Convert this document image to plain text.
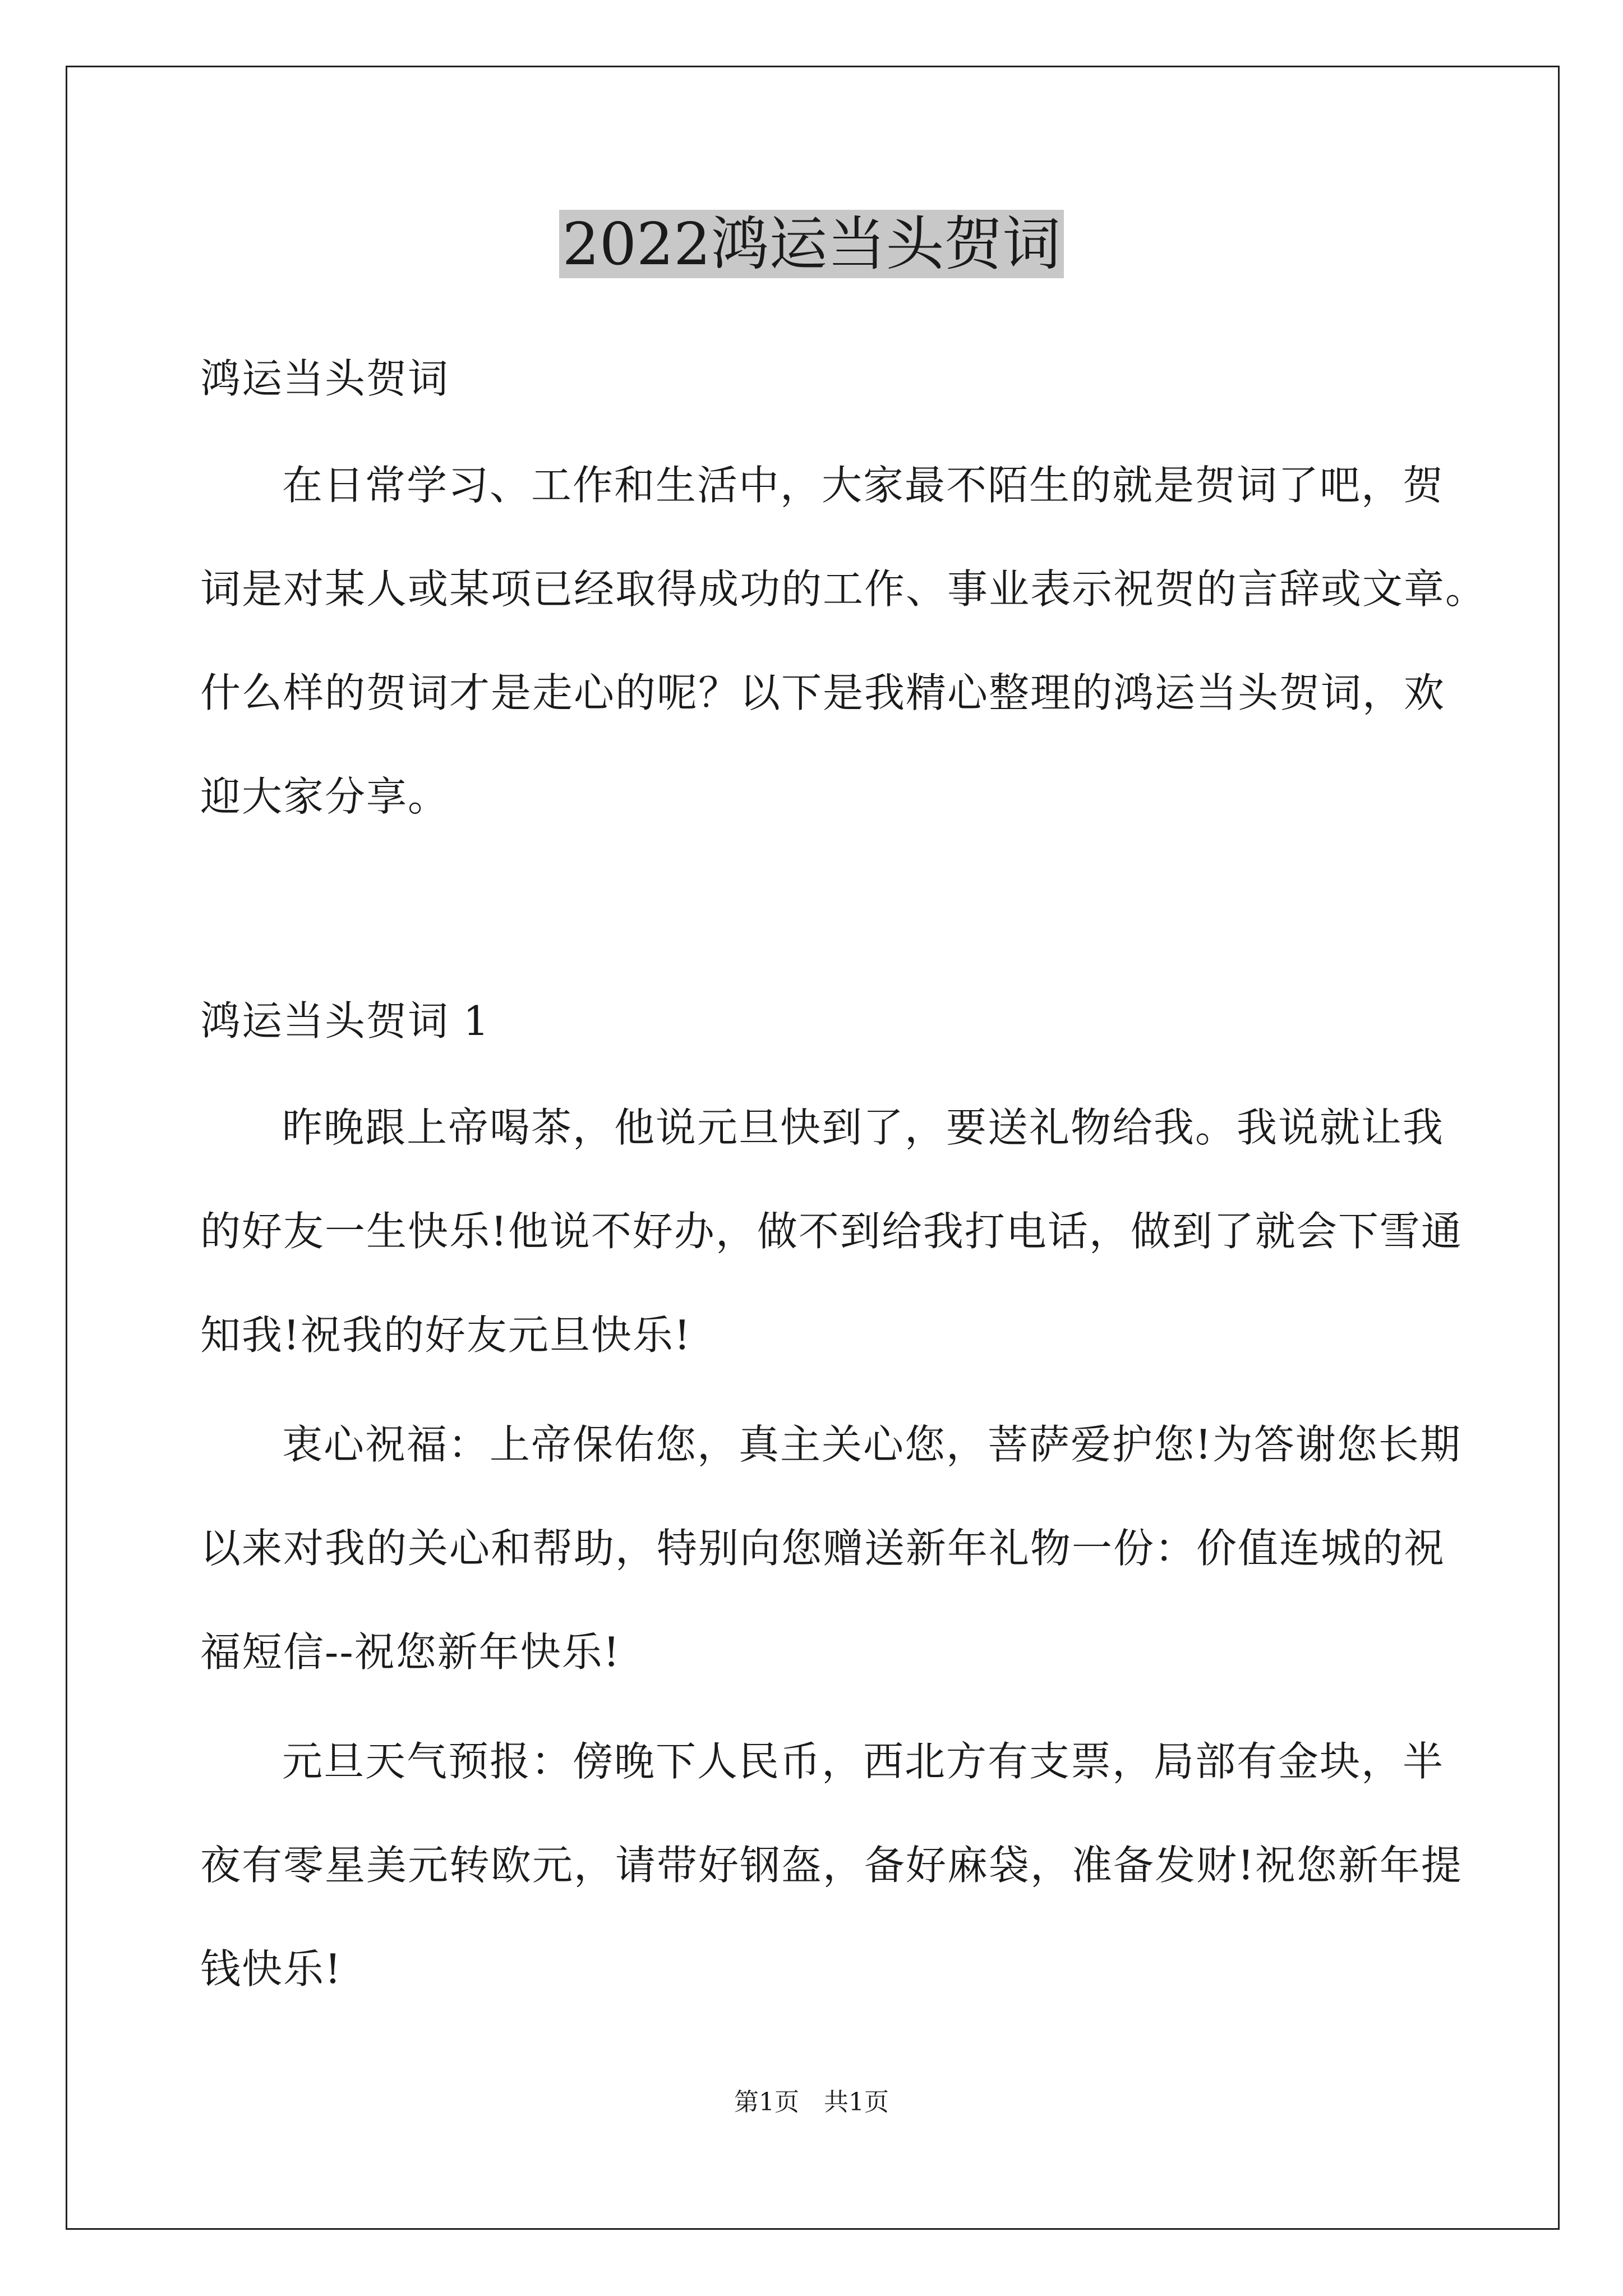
2022鸿运当头贺词
鸿运当头贺词
在日常学习、工作和生活中，大家最不陌生的就是贺词了吧，贺
词是对某人或某项已经取得成功的工作、事业表示祝贺的言辞或文章。
什么样的贺词才是走心的呢？以下是我精心整理的鸿运当头贺词，欢
迎大家分享。
鸿运当头贺词 1
昨晚跟上帝喝茶，他说元旦快到了，要送礼物给我。我说就让我
的好友一生快乐!他说不好办，做不到给我打电话，做到了就会下雪通
知我!祝我的好友元旦快乐!
衷心祝福：上帝保佑您，真主关心您，菩萨爱护您!为答谢您长期
以来对我的关心和帮助，特别向您赠送新年礼物一份：价值连城的祝
福短信--祝您新年快乐!
元旦天气预报：傍晚下人民币，西北方有支票，局部有金块，半
夜有零星美元转欧元，请带好钢盔，备好麻袋，准备发财!祝您新年提
钱快乐!
第1页　共1页
